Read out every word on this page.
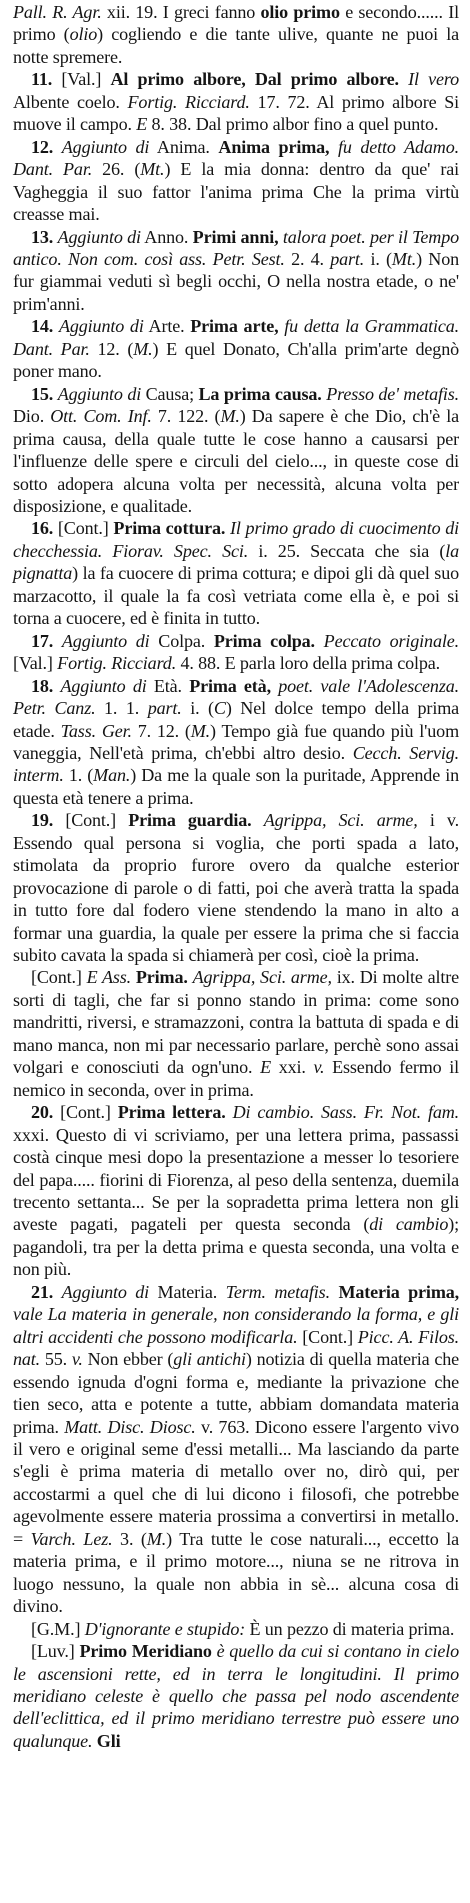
Pall. R. Agr. xii. 19. I greci fanno olio primo e secondo...... Il primo (olio) cogliendo e die tante ulive, quante ne puoi la notte spremere.
11. [Val.] Al primo albore, Dal primo albore. Il vero Albente coelo. Fortig. Ricciard. 17. 72. Al primo albore Si muove il campo. E 8. 38. Dal primo albor fino a quel punto.
12. Aggiunto di Anima. Anima prima, fu detto Adamo. Dant. Par. 26. (Mt.) E la mia donna: dentro da que' rai Vagheggia il suo fattor l'anima prima Che la prima virtù creasse mai.
13. Aggiunto di Anno. Primi anni, talora poet. per il Tempo antico. Non com. così ass. Petr. Sest. 2. 4. part. i. (Mt.) Non fur giammai veduti sì begli occhi, O nella nostra etade, o ne' prim'anni.
14. Aggiunto di Arte. Prima arte, fu detta la Grammatica. Dant. Par. 12. (M.) E quel Donato, Ch'alla prim'arte degnò poner mano.
15. Aggiunto di Causa; La prima causa. Presso de' metafis. Dio. Ott. Com. Inf. 7. 122. (M.) Da sapere è che Dio, ch'è la prima causa, della quale tutte le cose hanno a causarsi per l'influenze delle spere e circuli del cielo..., in queste cose di sotto adopera alcuna volta per necessità, alcuna volta per disposizione, e qualitade.
16. [Cont.] Prima cottura. Il primo grado di cuocimento di checchessia. Fiorav. Spec. Sci. i. 25. Seccata che sia (la pignatta) la fa cuocere di prima cottura; e dipoi gli dà quel suo marzacotto, il quale la fa così vetriata come ella è, e poi si torna a cuocere, ed è finita in tutto.
17. Aggiunto di Colpa. Prima colpa. Peccato originale. [Val.] Fortig. Ricciard. 4. 88. E parla loro della prima colpa.
18. Aggiunto di Età. Prima età, poet. vale l'Adolescenza. Petr. Canz. 1. 1. part. i. (C) Nel dolce tempo della prima etade. Tass. Ger. 7. 12. (M.) Tempo già fue quando più l'uom vaneggia, Nell'età prima, ch'ebbi altro desio. Cecch. Servig. interm. 1. (Man.) Da me la quale son la puritade, Apprende in questa età tenere a prima.
19. [Cont.] Prima guardia. Agrippa, Sci. arme, i v. Essendo qual persona si voglia, che porti spada a lato, stimolata da proprio furore overo da qualche esterior provocazione di parole o di fatti, poi che averà tratta la spada in tutto fore dal fodero viene stendendo la mano in alto a formar una guardia, la quale per essere la prima che si faccia subito cavata la spada si chiamerà per così, cioè la prima.
[Cont.] E Ass. Prima. Agrippa, Sci. arme, ix. Di molte altre sorti di tagli, che far si ponno stando in prima: come sono mandritti, riversi, e stramazzoni, contra la battuta di spada e di mano manca, non mi par necessario parlare, perchè sono assai volgari e conosciuti da ogn'uno. E xxi. v. Essendo fermo il nemico in seconda, over in prima.
20. [Cont.] Prima lettera. Di cambio. Sass. Fr. Not. fam. xxxi. Questo di vi scriviamo, per una lettera prima, passassi costà cinque mesi dopo la presentazione a messer lo tesoriere del papa..... fiorini di Fiorenza, al peso della sentenza, duemila trecento settanta... Se per la sopradetta prima lettera non gli aveste pagati, pagateli per questa seconda (di cambio); pagandoli, tra per la detta prima e questa seconda, una volta e non più.
21. Aggiunto di Materia. Term. metafis. Materia prima, vale La materia in generale, non considerando la forma, e gli altri accidenti che possono modificarla. [Cont.] Picc. A. Filos. nat. 55. v. Non ebber (gli antichi) notizia di quella materia che essendo ignuda d'ogni forma e, mediante la privazione che tien seco, atta e potente a tutte, abbiam domandata materia prima. Matt. Disc. Diosc. v. 763. Dicono essere l'argento vivo il vero e original seme d'essi metalli... Ma lasciando da parte s'egli è prima materia di metallo over no, dirò qui, per accostarmi a quel che di lui dicono i filosofi, che potrebbe agevolmente essere materia prossima a convertirsi in metallo. = Varch. Lez. 3. (M.) Tra tutte le cose naturali..., eccetto la materia prima, e il primo motore..., niuna se ne ritrova in luogo nessuno, la quale non abbia in sè... alcuna cosa di divino.
[G.M.] D'ignorante e stupido: È un pezzo di materia prima.
[Luv.] Primo Meridiano è quello da cui si contano in cielo le ascensioni rette, ed in terra le longitudini. Il primo meridiano celeste è quello che passa pel nodo ascendente dell'eclittica, ed il primo meridiano terrestre può essere uno qualunque. Gli
